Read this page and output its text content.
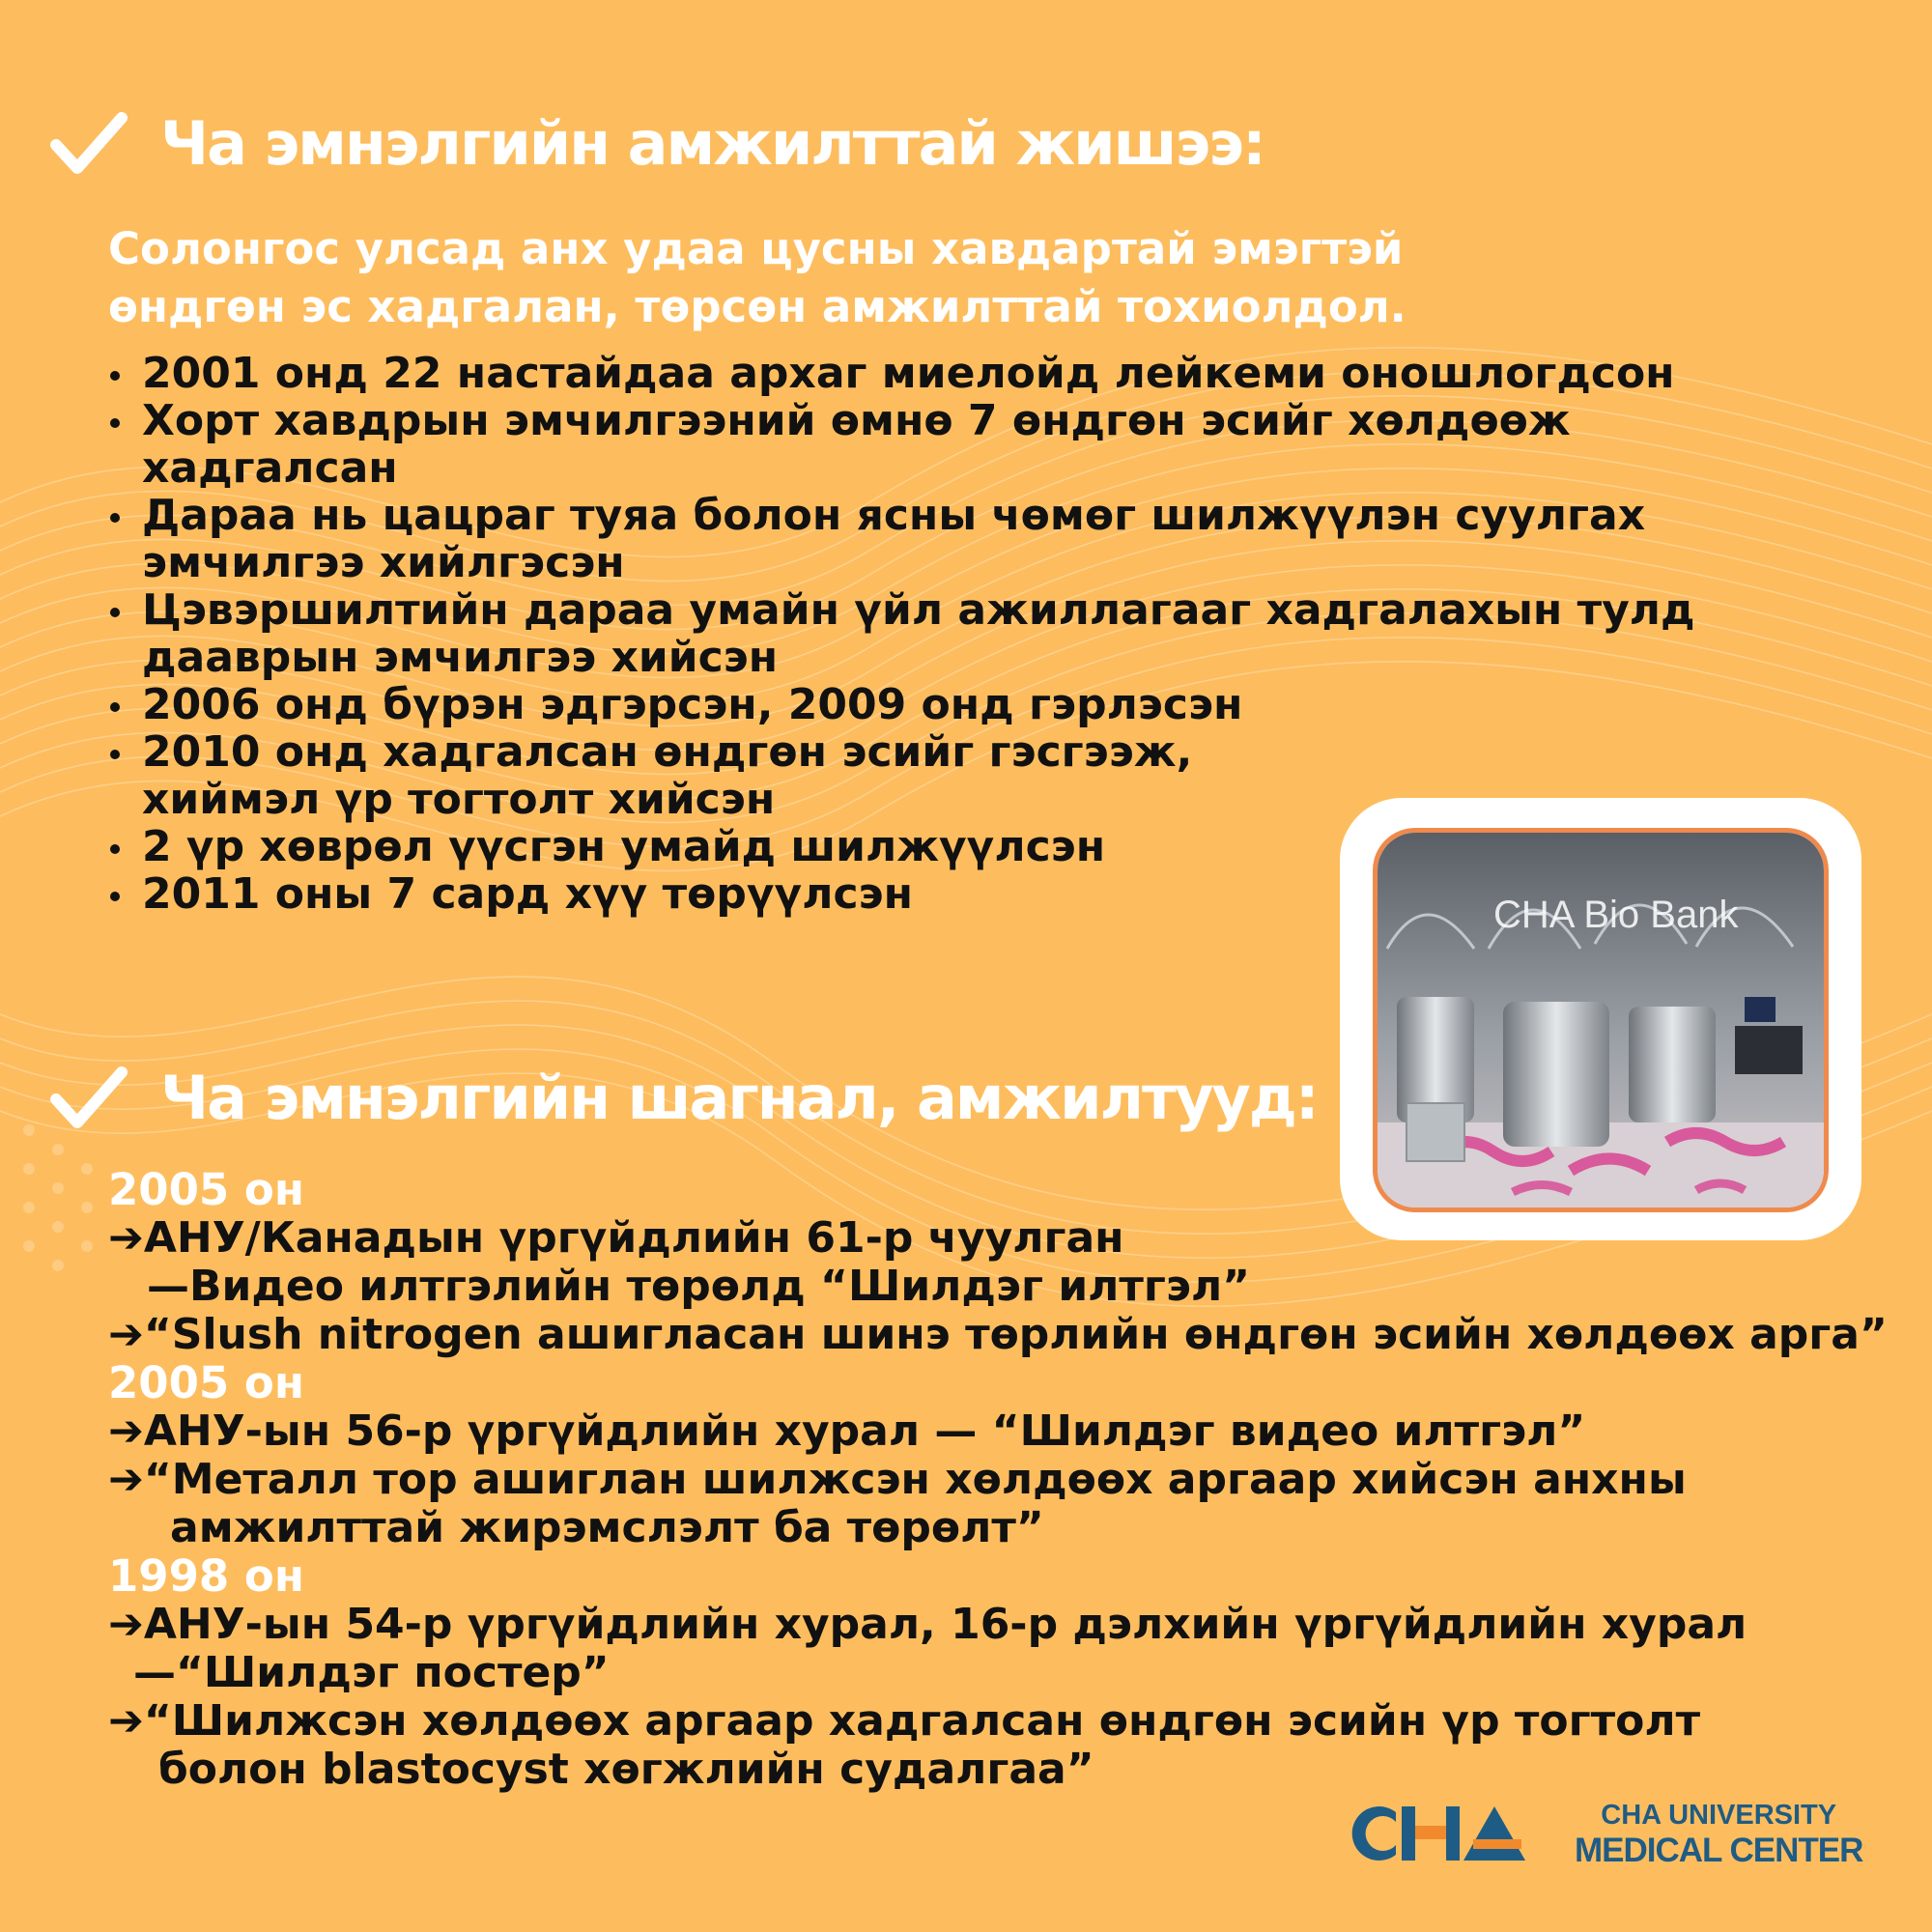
Ча эмнэлгийн амжилттай жишээ:
Солонгос улсад анх удаа цусны хавдартай эмэгтэй
өндгөн эс хадгалан, төрсөн амжилттай тохиолдол.
2001 онд 22 настайдаа архаг миелойд лейкеми оношлогдсон
Хорт хавдрын эмчилгээний өмнө 7 өндгөн эсийг хөлдөөж
хадгалсан
Дараа нь цацраг туяа болон ясны чөмөг шилжүүлэн суулгах
эмчилгээ хийлгэсэн
Цэвэршилтийн дараа умайн үйл ажиллагааг хадгалахын тулд
дааврын эмчилгээ хийсэн
2006 онд бүрэн эдгэрсэн, 2009 онд гэрлэсэн
2010 онд хадгалсан өндгөн эсийг гэсгээж,
хиймэл үр тогтолт хийсэн
2 үр хөврөл үүсгэн умайд шилжүүлсэн
2011 оны 7 сард хүү төрүүлсэн	CHA Bio Bank
Ча эмнэлгийн шагнал, амжилтууд:
2005 он
➔АНУ/Канадын үргүйдлийн 61-р чуулган
—Видео илтгэлийн төрөлд “Шилдэг илтгэл”
➔“Slush nitrogen ашигласан шинэ төрлийн өндгөн эсийн хөлдөөх арга”
2005 он
➔АНУ-ын 56-р үргүйдлийн хурал — “Шилдэг видео илтгэл”
➔“Металл тор ашиглан шилжсэн хөлдөөх аргаар хийсэн анхны
амжилттай жирэмслэлт ба төрөлт”
1998 он
➔АНУ-ын 54-р үргүйдлийн хурал, 16-р дэлхийн үргүйдлийн хурал
—“Шилдэг постер”
➔“Шилжсэн хөлдөөх аргаар хадгалсан өндгөн эсийн үр тогтолт
болон blastocyst хөгжлийн судалгаа”
CHA UNIVERSITY
MEDICAL CENTER
